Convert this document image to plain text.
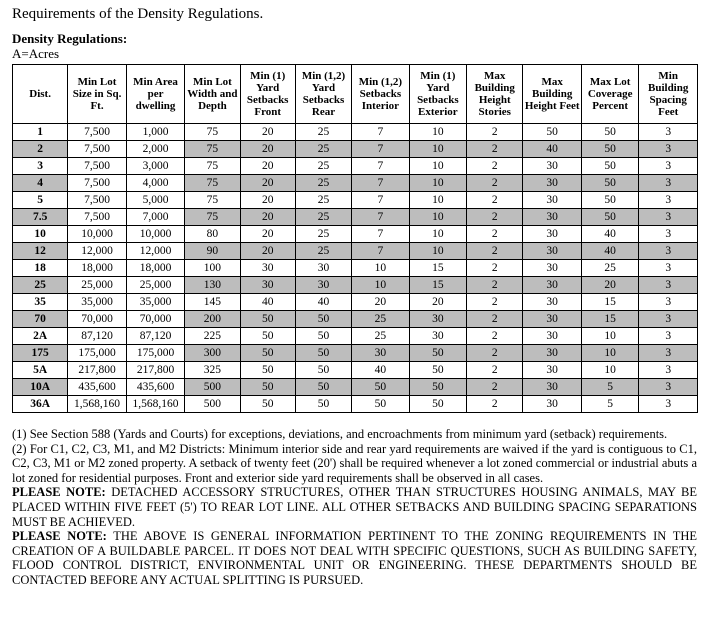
Requirements of the Density Regulations.
Density Regulations:
A=Acres
Dist.	Min Lot Size in Sq. Ft.	Min Area per dwelling	Min Lot Width and Depth	Min (1) Yard Setbacks Front	Min (1,2) Yard Setbacks Rear	Min (1,2) Setbacks Interior	Min (1) Yard Setbacks Exterior	Max Building Height Stories	Max Building Height Feet	Max Lot Coverage Percent	Min Building Spacing Feet
1	7,500	1,000	75	20	25	7	10	2	50	50	3
2	7,500	2,000	75	20	25	7	10	2	40	50	3
3	7,500	3,000	75	20	25	7	10	2	30	50	3
4	7,500	4,000	75	20	25	7	10	2	30	50	3
5	7,500	5,000	75	20	25	7	10	2	30	50	3
7.5	7,500	7,000	75	20	25	7	10	2	30	50	3
10	10,000	10,000	80	20	25	7	10	2	30	40	3
12	12,000	12,000	90	20	25	7	10	2	30	40	3
18	18,000	18,000	100	30	30	10	15	2	30	25	3
25	25,000	25,000	130	30	30	10	15	2	30	20	3
35	35,000	35,000	145	40	40	20	20	2	30	15	3
70	70,000	70,000	200	50	50	25	30	2	30	15	3
2A	87,120	87,120	225	50	50	25	30	2	30	10	3
175	175,000	175,000	300	50	50	30	50	2	30	10	3
5A	217,800	217,800	325	50	50	40	50	2	30	10	3
10A	435,600	435,600	500	50	50	50	50	2	30	5	3
36A	1,568,160	1,568,160	500	50	50	50	50	2	30	5	3

(1) See Section 588 (Yards and Courts) for exceptions, deviations, and encroachments from minimum yard (setback) requirements.

(2) For C1, C2, C3, M1, and M2 Districts: Minimum interior side and rear yard requirements are waived if the yard is contiguous to C1, C2, C3, M1 or M2 zoned property. A setback of twenty feet (20') shall be required whenever a lot zoned commercial or industrial abuts a lot zoned for residential purposes. Front and exterior side yard requirements shall be observed in all cases.

PLEASE NOTE: DETACHED ACCESSORY STRUCTURES, OTHER THAN STRUCTURES HOUSING ANIMALS, MAY BE PLACED WITHIN FIVE FEET (5') TO REAR LOT LINE. ALL OTHER SETBACKS AND BUILDING SPACING SEPARATIONS MUST BE ACHIEVED.

PLEASE NOTE: THE ABOVE IS GENERAL INFORMATION PERTINENT TO THE ZONING REQUIREMENTS IN THE CREATION OF A BUILDABLE PARCEL. IT DOES NOT DEAL WITH SPECIFIC QUESTIONS, SUCH AS BUILDING SAFETY, FLOOD CONTROL DISTRICT, ENVIRONMENTAL UNIT OR ENGINEERING. THESE DEPARTMENTS SHOULD BE CONTACTED BEFORE ANY ACTUAL SPLITTING IS PURSUED.
